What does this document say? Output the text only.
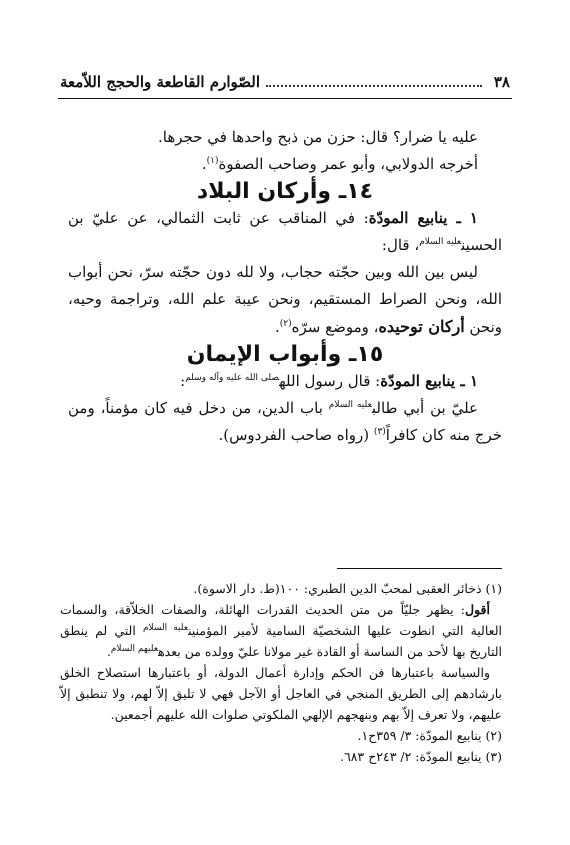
٣٨
الصّوارم القاطعة والحجج اللاّمعة

عليه يا ضرار؟ قال: حزن من ذبح واحدها في حجرها.

أخرجه الدولابي، وأبو عمر وصاحب الصفوة$^{(١)}$.

١٤ـ وأركان البلاد

١ ـ ينابيع المودّة: في المناقب عن ثابت الثمالي، عن عليّ بن الحسين$^{عليه السلام}$، قال:

ليس بين الله وبين حجّته حجاب، ولا لله دون حجّته سرّ، نحن أبواب الله، ونحن الصراط المستقيم، ونحن عيبة علم الله، وتراجمة وحيه، ونحن أركان توحيده، وموضع سرّه$^{(٢)}$.

١٥ـ وأبواب الإيمان

١ ـ ينابيع المودّة: قال رسول الله$^{صلى الله عليه وآله وسلم}$:

عليّ بن أبي طالب$^{عليه السلام}$ باب الدين، من دخل فيه كان مؤمناً، ومن خرج منه كان كافراً$^{(٣)}$ (رواه صاحب الفردوس).

(١) ذخائر العقبى لمحبّ الدين الطبري: ١٠٠(ط. دار الاسوة).

أقول: يظهر جليّاً من متن الحديث القدرات الهائلة، والصفات الخلاّقة، والسمات العالية التي انطوت عليها الشخصيّة السامية لأمير المؤمنين$^{عليه السلام}$ التي لم ينطق التاريخ بها لأحد من الساسة أو القادة غير مولانا عليّ وولده من بعده$^{عليهم السلام}$.

والسياسة باعتبارها فن الحكم وإدارة أعمال الدولة، أو باعتبارها استصلاح الخلق بارشادهم إلى الطريق المنجي في العاجل أو الآجل فهي لا تليق إلاّ لهم، ولا تنطبق إلاّ عليهم، ولا تعرف إلاّ بهم وبنهجهم الإلهي الملكوتي صلوات الله عليهم أجمعين.

(٢) ينابيع المودّة: ٣/ ٣٥٩ح١.

(٣) ينابيع المودّة: ٢/ ٢٤٣ح ٦٨٣.
